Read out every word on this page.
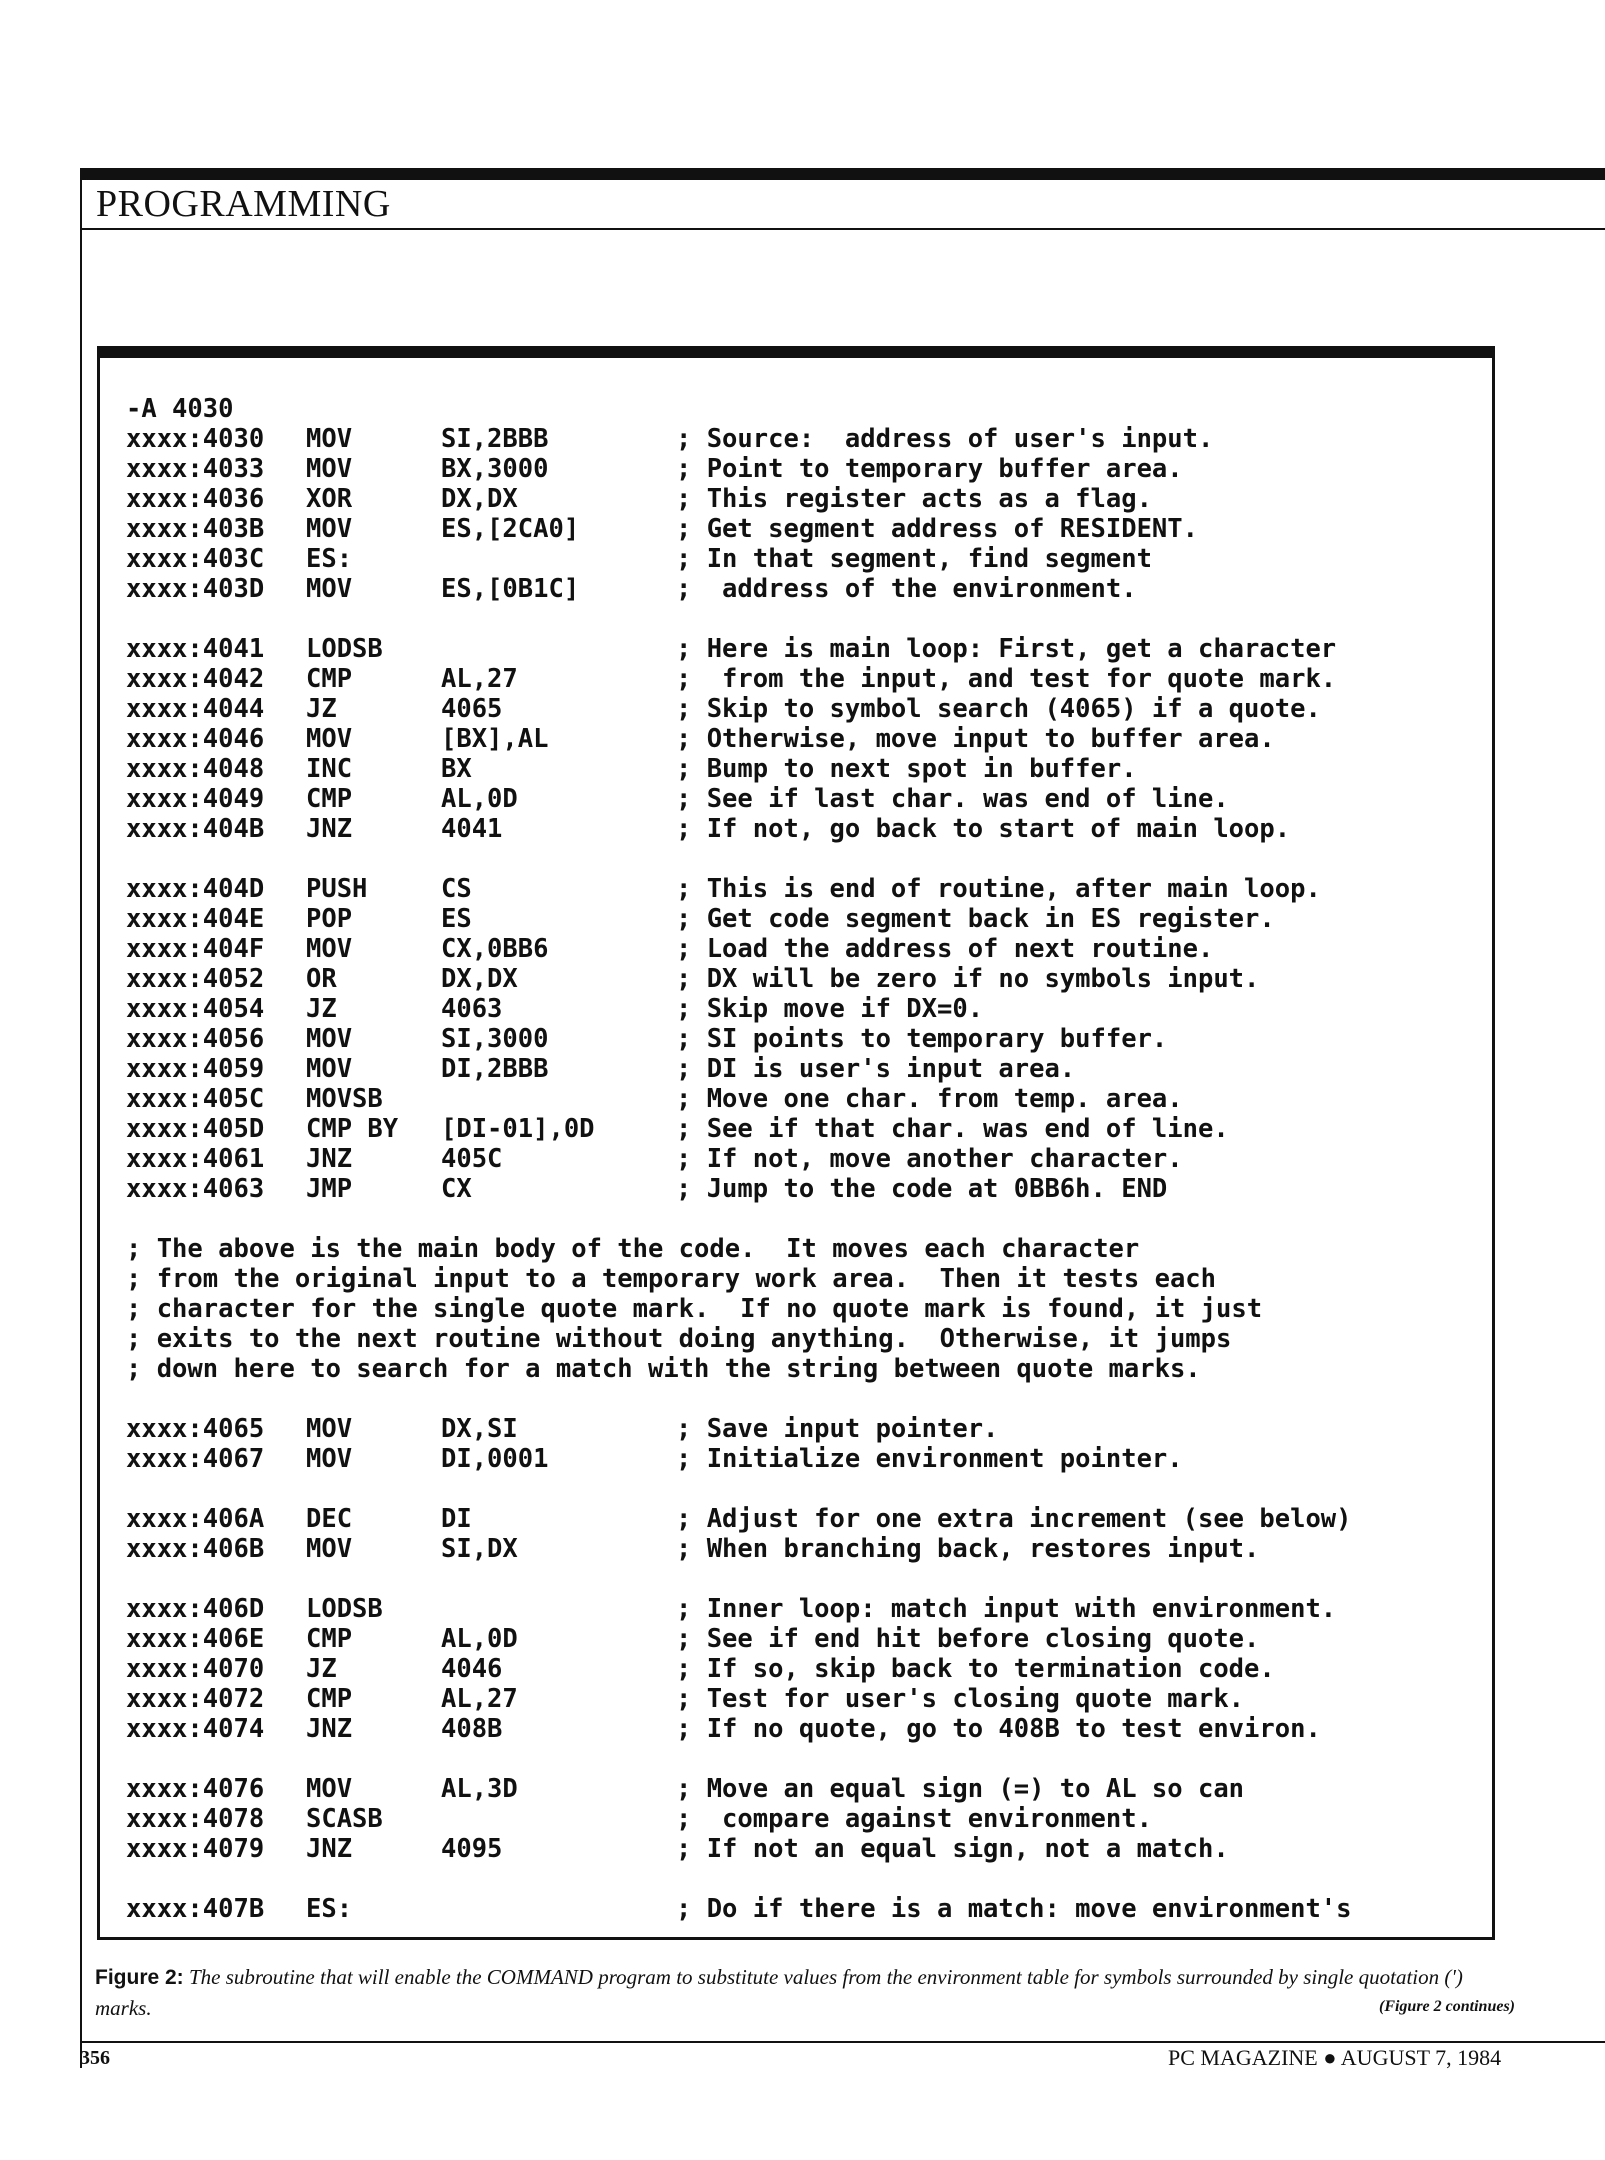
PROGRAMMING
-A 4030
xxxx:4030 MOV	SI,2BBB	; Source:  address of user's input.
xxxx:4033 MOV	BX,3000	; Point to temporary buffer area.
xxxx:4036 XOR	DX,DX	; This register acts as a flag.
xxxx:403B MOV	ES,[2CA0]	; Get segment address of RESIDENT.
xxxx:403C ES:	; In that segment, find segment
xxxx:403D MOV	ES,[0B1C]	;  address of the environment.
xxxx:4041 LODSB	; Here is main loop: First, get a character
xxxx:4042 CMP	AL,27	;  from the input, and test for quote mark.
xxxx:4044 JZ	4065	; Skip to symbol search (4065) if a quote.
xxxx:4046 MOV	[BX],AL	; Otherwise, move input to buffer area.
xxxx:4048 INC	BX	; Bump to next spot in buffer.
xxxx:4049 CMP	AL,0D	; See if last char. was end of line.
xxxx:404B JNZ	4041	; If not, go back to start of main loop.
xxxx:404D PUSH	CS	; This is end of routine, after main loop.
xxxx:404E POP	ES	; Get code segment back in ES register.
xxxx:404F MOV	CX,0BB6	; Load the address of next routine.
xxxx:4052 OR	DX,DX	; DX will be zero if no symbols input.
xxxx:4054 JZ	4063	; Skip move if DX=0.
xxxx:4056 MOV	SI,3000	; SI points to temporary buffer.
xxxx:4059 MOV	DI,2BBB	; DI is user's input area.
xxxx:405C MOVSB	; Move one char. from temp. area.
xxxx:405D CMP BY [DI-01],0D	; See if that char. was end of line.
xxxx:4061 JNZ	405C	; If not, move another character.
xxxx:4063 JMP	CX	; Jump to the code at 0BB6h. END
; The above is the main body of the code.  It moves each character
; from the original input to a temporary work area.  Then it tests each
; character for the single quote mark.  If no quote mark is found, it just
; exits to the next routine without doing anything.  Otherwise, it jumps
; down here to search for a match with the string between quote marks.
xxxx:4065 MOV	DX,SI	; Save input pointer.
xxxx:4067 MOV	DI,0001	; Initialize environment pointer.
xxxx:406A DEC	DI	; Adjust for one extra increment (see below)
xxxx:406B MOV	SI,DX	; When branching back, restores input.
xxxx:406D LODSB	; Inner loop: match input with environment.
xxxx:406E CMP	AL,0D	; See if end hit before closing quote.
xxxx:4070 JZ	4046	; If so, skip back to termination code.
xxxx:4072 CMP	AL,27	; Test for user's closing quote mark.
xxxx:4074 JNZ	408B	; If no quote, go to 408B to test environ.
xxxx:4076 MOV	AL,3D	; Move an equal sign (=) to AL so can
xxxx:4078 SCASB	;  compare against environment.
xxxx:4079 JNZ	4095	; If not an equal sign, not a match.
xxxx:407B ES:	; Do if there is a match: move environment's
Figure 2: The subroutine that will enable the COMMAND program to substitute values from the environment table for symbols surrounded by single quotation (') marks.	(Figure 2 continues)
356	PC MAGAZINE ● AUGUST 7, 1984
